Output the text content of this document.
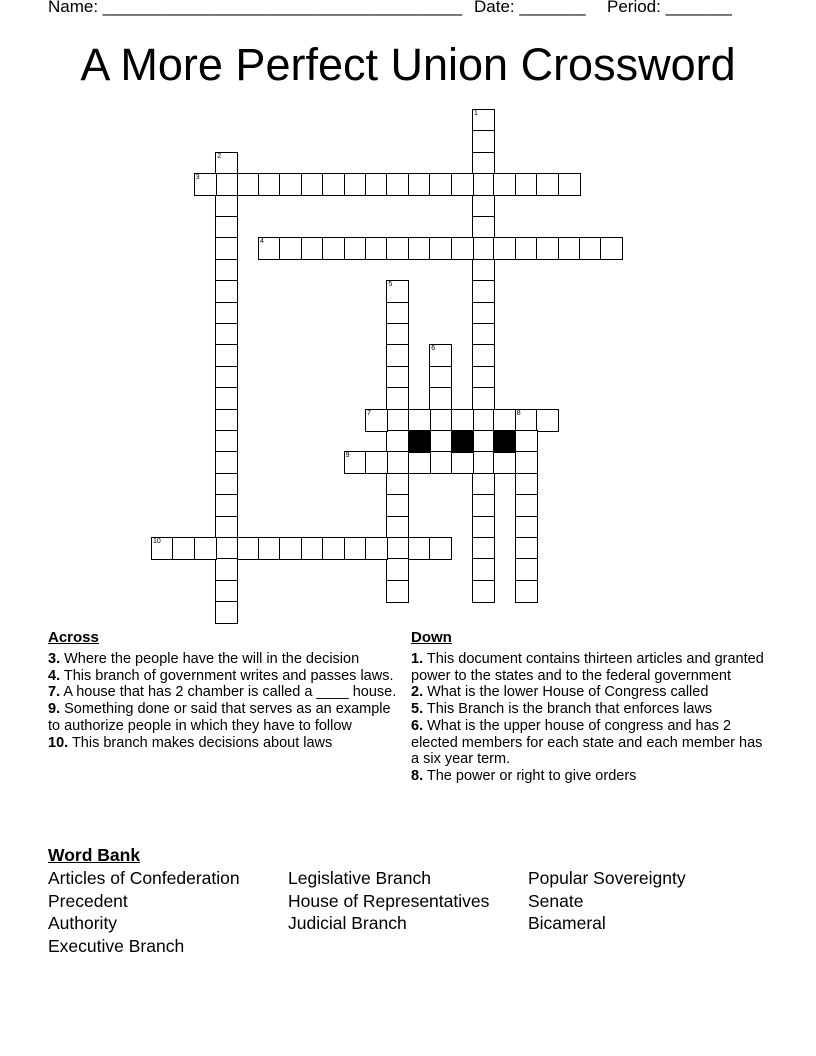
Name: ______________________________________

Date: _______

Period: _______

A More Perfect Union Crossword
1
2
3
4
5
6
7	8
9
10
Across
3. Where the people have the will in the decision
4. This branch of government writes and passes laws.
7. A house that has 2 chamber is called a ____ house.
9. Something done or said that serves as an example to authorize people in which they have to follow
10. This branch makes decisions about laws
Down
1. This document contains thirteen articles and granted power to the states and to the federal government
2. What is the lower House of Congress called
5. This Branch is the branch that enforces laws
6. What is the upper house of congress and has 2 elected members for each state and each member has a six year term.
8. The power or right to give orders
Word Bank
Articles of Confederation
Precedent
Authority
Executive Branch
Legislative Branch
House of Representatives
Judicial Branch
Popular Sovereignty
Senate
Bicameral
